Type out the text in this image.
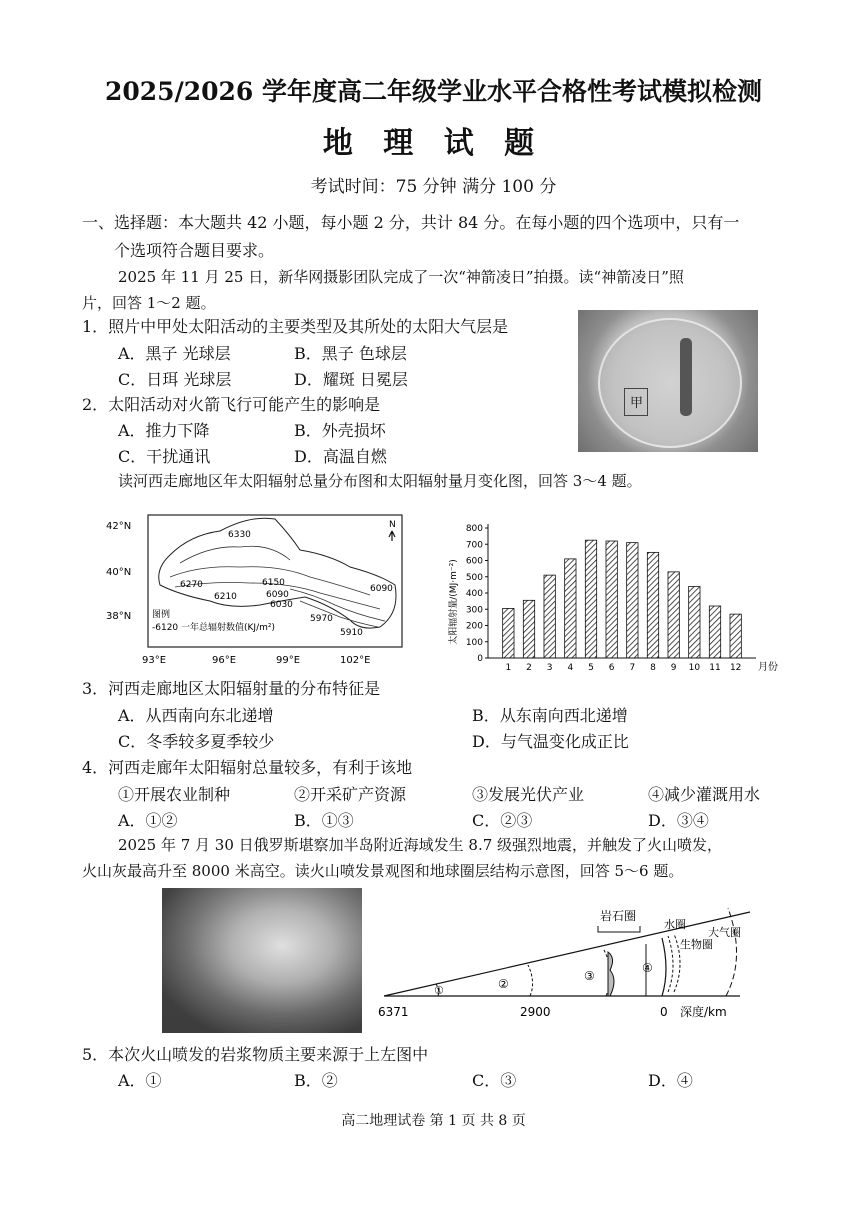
2025/2026 学年度高二年级学业水平合格性考试模拟检测
地 理 试 题
考试时间：75 分钟 满分 100 分
一、选择题：本大题共 42 小题，每小题 2 分，共计 84 分。在每小题的四个选项中，只有一
个选项符合题目要求。
2025 年 11 月 25 日，新华网摄影团队完成了一次“神箭凌日”拍摄。读“神箭凌日”照
片，回答 1～2 题。
甲
1．照片中甲处太阳活动的主要类型及其所处的太阳大气层是
A．黑子 光球层	B．黑子 色球层
C．日珥 光球层	D．耀斑 日冕层
2．太阳活动对火箭飞行可能产生的影响是
A．推力下降	B．外壳损坏
C．干扰通讯	D．高温自燃
读河西走廊地区年太阳辐射总量分布图和太阳辐射量月变化图，回答 3～4 题。
42°N
40°N
38°N
93°E	96°E	99°E	102°E
N
6330
6270
6210
6150
6090
6030
5970
5910
6090
图例
-6120 一年总辐射数值(KJ/m²)	太阳辐射量/(MJ·m⁻²)
0
100
200
300
400
500
600
700
800
1 2 3 4 5 6 7 8 9 10 11 12 月份
3．河西走廊地区太阳辐射量的分布特征是
A．从西南向东北递增	B．从东南向西北递增
C．冬季较多夏季较少	D．与气温变化成正比
4．河西走廊年太阳辐射总量较多，有利于该地
①开展农业制种	②开采矿产资源	③发展光伏产业	④减少灌溉用水
A．①②	B．①③	C．②③	D．③④
2025 年 7 月 30 日俄罗斯堪察加半岛附近海域发生 8.7 级强烈地震，并触发了火山喷发，
火山灰最高升至 8000 米高空。读火山喷发景观图和地球圈层结构示意图，回答 5～6 题。
岩石圈
水圈
生物圈
大气圈
①	②
③
④
6371	2900	0 深度/km
5．本次火山喷发的岩浆物质主要来源于上左图中
A．①	B．②	C．③	D．④
高二地理试卷 第 1 页 共 8 页
